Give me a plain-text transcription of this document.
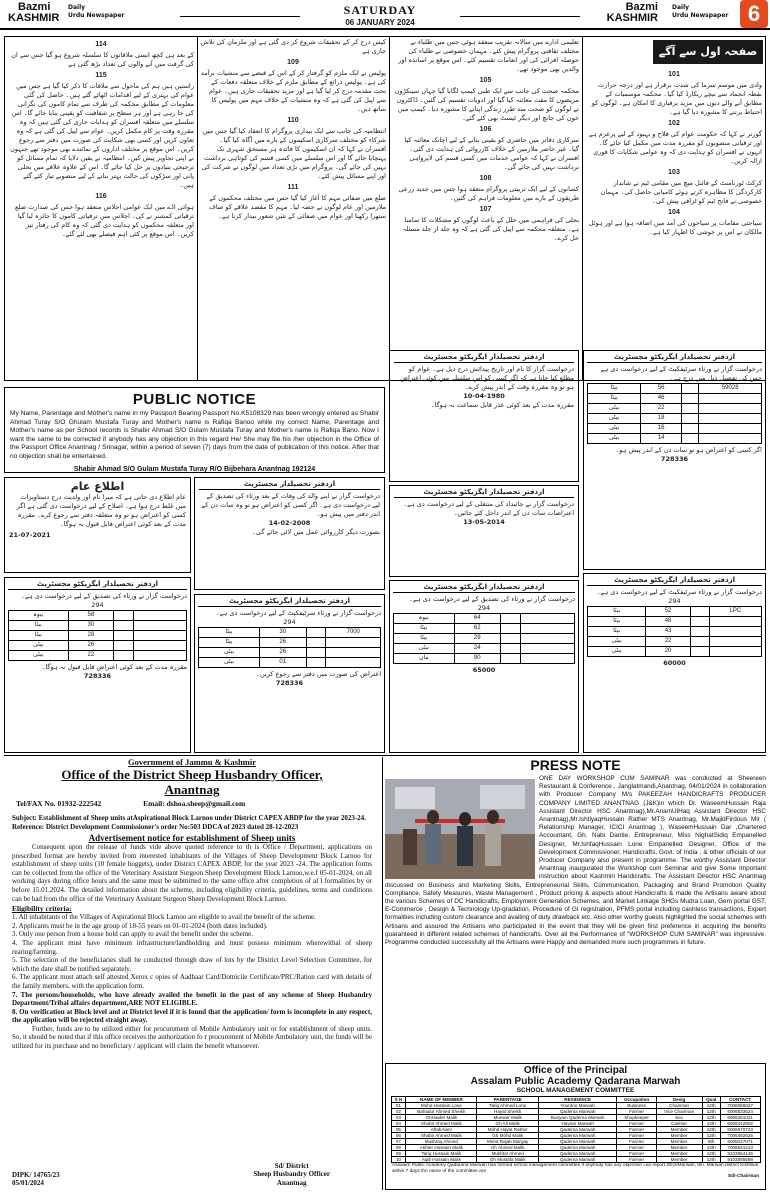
Bazmi
KASHMIR
Daily
Urdu Newspaper	SATURDAY
06 JANUARY 2024
Bazmi
KASHMIR
Daily
Urdu Newspaper 6
114
کے بعد ہی کچھ ایسی ملاقاتوں کا سلسلہ شروع ہو گیا جس سے ان کی گرفت میں آنے والوں کی تعداد بڑھ گئی ہے
115
راستیں ہیں ہم کی ماحول سے ملاقات کا ذکر کیا گیا ہے جس میں عوام کی بہتری کے لیے اقدامات اٹھائے گئے ہیں۔ حاصل کی گئی معلومات کے مطابق محکمہ کی طرف سے تمام کاموں کی نگرانی کی جا رہی ہے اور ہر سطح پر شفافیت کو یقینی بنایا جائے گا۔ اس سلسلے میں متعلقہ افسران کو ہدایات جاری کی گئی ہیں کہ وہ مقررہ وقت پر کام مکمل کریں۔ عوام سے اپیل کی گئی ہے کہ وہ تعاون کریں اور کسی بھی شکایت کی صورت میں دفتر سے رجوع کریں۔ اس موقع پر مختلف اداروں کے نمائندے بھی موجود تھے جنہوں نے اپنی تجاویز پیش کیں۔ انتظامیہ نے یقین دلایا کہ تمام مسائل کو ترجیحی بنیادوں پر حل کیا جائے گا۔ اس کے علاوہ علاقے میں بجلی پانی اور سڑکوں کی حالت بہتر بنانے کے لیے منصوبے تیار کئے گئے ہیں۔
116
ہوائی اڈے میں ایک عوامی اجلاس منعقد ہوا جس کی صدارت ضلع ترقیاتی کمشنر نے کی۔ اجلاس میں ترقیاتی کاموں کا جائزہ لیا گیا اور متعلقہ محکموں کو ہدایت دی گئی کہ وہ کام کی رفتار تیز کریں۔ اس موقع پر کئی اہم فیصلے بھی لئے گئے۔
کیس درج کر کے تحقیقات شروع کر دی گئی ہے اور ملزمان کی تلاش جاری ہے
109
پولیس نے ایک ملزم کو گرفتار کر کے اس کے قبضے سے منشیات برآمد کی ہے۔ پولیس ذرائع کے مطابق ملزم کے خلاف متعلقہ دفعات کے تحت مقدمہ درج کر لیا گیا ہے اور مزید تحقیقات جاری ہیں۔ عوام سے اپیل کی گئی ہے کہ وہ منشیات کے خلاف مہم میں پولیس کا ساتھ دیں۔
110
انتظامیہ کی جانب سے ایک بیداری پروگرام کا انعقاد کیا گیا جس میں شرکاء کو مختلف سرکاری اسکیموں کے بارے میں آگاہ کیا گیا۔ افسران نے کہا کہ ان اسکیموں کا فائدہ ہر مستحق شہری تک پہنچایا جائے گا اور اس سلسلے میں کسی قسم کی کوتاہی برداشت نہیں کی جائے گی۔ پروگرام میں بڑی تعداد میں لوگوں نے شرکت کی اور اپنے مسائل پیش کئے۔
111
ضلع میں صفائی مہم کا آغاز کیا گیا جس میں مختلف محکموں کے ملازمین اور عام لوگوں نے حصہ لیا۔ مہم کا مقصد علاقے کو صاف ستھرا رکھنا اور عوام میں صفائی کے تئیں شعور بیدار کرنا ہے۔
تعلیمی ادارے میں سالانہ تقریب منعقد ہوئی جس میں طلباء نے مختلف ثقافتی پروگرام پیش کئے۔ مہمان خصوصی نے طلباء کی حوصلہ افزائی کی اور انعامات تقسیم کئے۔ اس موقع پر اساتذہ اور والدین بھی موجود تھے۔
105
محکمہ صحت کی جانب سے ایک طبی کیمپ لگایا گیا جہاں سینکڑوں مریضوں کا مفت معائنہ کیا گیا اور ادویات تقسیم کی گئیں۔ ڈاکٹروں نے لوگوں کو صحت مند طرز زندگی اپنانے کا مشورہ دیا۔ کیمپ میں خون کی جانچ اور دیگر ٹیسٹ بھی کئے گئے۔
106
سرکاری دفاتر میں حاضری کو یقینی بنانے کے لیے اچانک معائنہ کیا گیا۔ غیر حاضر ملازمین کے خلاف کارروائی کی ہدایت دی گئی۔ افسران نے کہا کہ عوامی خدمات میں کسی قسم کی لاپرواہی برداشت نہیں کی جائے گی۔
108
کسانوں کے لیے ایک تربیتی پروگرام منعقد ہوا جس میں جدید زرعی طریقوں کے بارے میں معلومات فراہم کی گئیں۔
107
بجلی کی فراہمی میں خلل کے باعث لوگوں کو مشکلات کا سامنا ہے۔ متعلقہ محکمہ سے اپیل کی گئی ہے کہ وہ جلد از جلد مسئلہ حل کرے۔
صفحہ اول سے آگے
101
وادی میں موسم سرما کی شدت برقرار ہے اور درجہ حرارت نقطہ انجماد سے نیچے ریکارڈ کیا گیا۔ محکمہ موسمیات کے مطابق آنے والے دنوں میں مزید برفباری کا امکان ہے۔ لوگوں کو احتیاط برتنے کا مشورہ دیا گیا ہے۔
102
گورنر نے کہا کہ حکومت عوام کی فلاح و بہبود کے لیے پرعزم ہے اور ترقیاتی منصوبوں کو مقررہ مدت میں مکمل کیا جائے گا۔ انہوں نے افسران کو ہدایت دی کہ وہ عوامی شکایات کا فوری ازالہ کریں۔
103
کرکٹ ٹورنامنٹ کے فائنل میچ میں مقامی ٹیم نے شاندار کارکردگی کا مظاہرہ کرتے ہوئے کامیابی حاصل کی۔ مہمان خصوصی نے فاتح ٹیم کو ٹرافی پیش کی۔
104
سیاحتی مقامات پر سیاحوں کی آمد میں اضافہ ہوا ہے اور ہوٹل مالکان نے اس پر خوشی کا اظہار کیا ہے۔
PUBLIC NOTICE
My Name, Parentage and Mother's name in my Passport Bearing Passport No.K5108329 has been wrongly entered as Shabir Ahmad Turay S/O Ghulam Mustafa Turay and Mother's name is Rafiqa Banoo while my correct Name, Parentage and Mother's name as per School records is Shabir Ahmad S/O Gulam Mustafa Turay and Mother's name is Rafiqa Bano. Now I want the same to be corrected if anybody has any objection in this regard He/ She may file his /her objection in the Office of the Passport Office Anantnag / Srinagar, within a period of seven (7) days from the date of publication of this notice. After that no objection shall be entertained.
Shabir Ahmad S/O Gulam Mustafa Turay R/O Bijbehara Anantnag 192124
اطلاع عام
عام اطلاع دی جاتی ہے کہ میرا نام اور ولدیت درج دستاویزات میں غلط درج ہوا ہے۔ اصلاح کے لیے درخواست دی گئی ہے اگر کسی کو اعتراض ہو تو وہ متعلقہ دفتر سے رجوع کرے۔ مقررہ مدت کے بعد کوئی اعتراض قابل قبول نہ ہوگا۔
21-07-2021
ازدفتر تحصیلدار مجسٹریٹ
درخواست گزار نے اپنے والد کی وفات کے بعد ورثاء کی تصدیق کے لیے درخواست دی ہے۔ اگر کسی کو اعتراض ہو تو وہ سات دن کے اندر دفتر میں پیش ہو۔
14-02-2008
بصورت دیگر کارروائی عمل میں لائی جائے گی۔
ازدفتر تحصیلدار ایگزیکٹو مجسٹریٹ
درخواست گزار کا نام اور تاریخ پیدائش درج ذیل ہے۔ عوام کو مطلع کیا جاتا ہے کہ اگر کسی کو اس سلسلے میں کوئی اعتراض ہو تو وہ مقررہ وقت کے اندر پیش کرے۔
10-04-1980
مقررہ مدت کے بعد کوئی عذر قابل سماعت نہ ہوگا۔
ازدفتر تحصیلدار ایگزیکٹو مجسٹریٹ
درخواست گزار نے جائیداد کی منتقلی کے لیے درخواست دی ہے۔ اعتراضات سات دن کے اندر داخل کئے جائیں۔
13-05-2014
ازدفتر تحصیلدار ایگزیکٹو مجسٹریٹ
درخواست گزار نے ورثاء سرٹیفکیٹ کے لیے درخواست دی ہے جس کی تفصیل ذیل میں درج ہے۔
59028		56	بیٹا
		46	بیٹا
		22	بیٹی
		18	بیٹی
		16	بیٹی
		14	بیٹی
اگر کسی کو اعتراض ہو تو سات دن کے اندر پیش ہو۔
728336
ازدفتر تحصیلدار ایگزیکٹو مجسٹریٹ
درخواست گزار نے ورثاء کی تصدیق کے لیے درخواست دی ہے۔
294
		58	بیوہ
		30	بیٹا
		28	بیٹا
		26	بیٹی
		22	بیٹی
مقررہ مدت کے بعد کوئی اعتراض قابل قبول نہ ہوگا۔
728336
ازدفتر تحصیلدار ایگزیکٹو مجسٹریٹ
درخواست گزار نے ورثاء سرٹیفکیٹ کے لیے درخواست دی ہے۔
294
7000		30	بیٹا
		26	بیٹا
		26	بیٹی
		01	بیٹی
اعتراض کی صورت میں دفتر سے رجوع کریں۔
728336
ازدفتر تحصیلدار ایگزیکٹو مجسٹریٹ
درخواست گزار نے ورثاء کی تصدیق کے لیے درخواست دی ہے۔
294
		64	بیوہ
		62	بیٹا
		29	بیٹا
		24	بیٹی
		90	ماں
65000
ازدفتر تحصیلدار ایگزیکٹو مجسٹریٹ
درخواست گزار نے ورثاء سرٹیفکیٹ کے لیے درخواست دی ہے۔
294
LPC		52	بیٹا
		48	بیٹا
		43	بیٹا
		22	بیٹی
		20	بیٹی
60000
Government of Jammu & Kashmir
Office of the District Sheep Husbandry Officer,
Anantnag
Tel/FAX No. 01932-222542	Email: dshoa.sheep@gmail.com
Subject: Establishment of Sheep units atAspirational Block Larnoo under District CAPEX ABDP for the year 2023-24.
Reference: District Development Commissioner's order No:503 DDCA of 2023 dated 28-12-2023
Advertisement notice for establishment of Sheep units

Consequent upon the release of funds vide above quoted reference to th is Office / Department, applications on prescribed format are hereby invited from interested inhabitants of the Villages of Sheep Development Block Larnoo for establishment of sheep units (10 female hoggets), under District CAPEX ABDP, for the year 2023 -24. The application forms can be collected from the office of the Veterinary Assistant Surgeon Sheep Development Block Larnoo,w.e.f 05-01-2024, on all working days during office hours and the same must be submitted to the same office after completion of al l formalities by or before 15.01.2024. The detailed information about the scheme, including eligibility criteria, guidelines, terms and conditions can be had from the office of the Veterinary Assistant Surgeon Sheep Development Block Larnoo.

Eligibility criteria:

1. All inhabitants of the Villages of Aspirational Block Larnoo are eligible to avail the benefit of the scheme.

2. Applicants must be in the age group of 18-55 years on 01-01-2024 (both dates included).

3. Only one person from a house hold can apply to avail the benefit under the scheme.

4. The applicant must have minimum infrastructure/landholding and must possess minimum wherewithal of sheep rearing/farming.

5. The selection of the beneficiaries shall be conducted through draw of lots by the District Level Selection Committee, for which the date shall be notified separately.

6. The applicant must attach self attested Xerox c opies of Aadhaar Card/Domicile Certificate/PRC/Ration card with details of the family members, with the application form.

7. The persons/households, who have already availed the benefit in the past of any scheme of Sheep Husbandry Department/Tribal affairs department,ARE NOT ELIGIBLE.

8. On verification at Block level and at District level if it is found that the application/ form is incomplete in any respect, the application will be rejected straight away.

Further, funds are to be utilized either for procurement of Mobile Ambulatory unit or for establishment of sheep units. So, it should be noted that if this office receives the authorization fo r procurement of Mobile Ambulatory unit, the funds will be utilized for its purchase and no beneficiary / applicant will claim the benefit whatsoever.

DIPK/ 14765/23
05/01/2024
Sd/ District
Sheep Husbandry Officer
Anantnag
PRESS NOTE
ONE DAY WORKSHOP CUM SAMINAR was conducted at Sheereen Restaurant & Conference , Janglatmandi,Anantnag, 04/01/2024 in collaboration with Producer Company M/s PAKEEZAH HANDICRAFTS PRODUCER COMPANY LIMITED ANANTNAG (J&K)in which Dr. WaseemHussain Raja Assistant Director HSC Anantnag),Mr.AnamUlHaq Assistant Director HSC Anantnag),Mr.IshtiyaqHussain Rather MTS Anantnag, Mr.MajidFirdous Mir ( Relationship Manager, ICICI Anantnag ), WaseemHussain Dar ,Chartered Accountant, Gh. Nabi Dantie, Entrepreneur, Miss NighatSidiq Empanelled Designer, Mr.IshfaqHussain Lone Empanelled Designer, Office of the Development Commissioner, Handicrafts, Govt. of India , & other officials of our Producer Company also present in programme. The worthy Assistant Director Anantnag inaugurated the Workshop cum Seminar and give Some Important instruction about Kashmiri Handicrafts. The Assistant Director HSC Anantnag discussed on Business and Marketing Skills, Entrepreneurial Skills, Communication, Packaging and Brand Promotion Quality Compliance, Safety Measures, Waste Management , Product pricing & aspects about Handicrafts & made the Artisans aware about the various Schemes of DC Handicrafts, Employment Generation Schemes, and Market Linkage SHGs Mudra Loan, Gem portal GST, E-Commerce , Design & Technology Up-gradation, Procedure of GI registration, PFMS portal including cashless transactions, Expert formalities including custom clearance and availing of duty drawback etc. Also other worthy guests highlighted the social schemes with Artisans and assured the Artisans who participated in the event that they will be given first preference in acquiring the benefits guaranteed in different related schemes of handicrafts. Over all the Performance of "WORKSHOP CUM SAMINAR" was impressive. Programme conducted successfully all the Artisans were Happy and demanded more such programmes in future.
Office of the Principal
Assalam Public Academy Qadarana Marwah
SCHOOL MANAGEMENT COMMITTEE
S N	NAME OF MEMBER	PARENTAGE	RESIDENCE	Occupation	Desig	Qual	CONTACT
01	Mohd Hussain Lone	Tariq Ahmed Lone	Yourdoo Marwah	Business	Chairman	12th	7006055027
02	Bahadur Ahmed Sheikh	Hayat Sheikh	Qaderna Marwah	Farmer	Vice Chairman	12th	6006533524
03	GhHaider Malik	Munwer Malik	Bunyam Qaderna Marwah	Shopkeeper	Sec	12th	6006251021
04	Shabir Ahmed Malik	Gh Ali Malik	Hayran Marwah	Farmer	Cashier	12th	6006442902
05	AftabAlam	Mohd Hayat Rather	Qaderna Marwah	Farmer	Member	12th	6006670723
06	Shabir Ahmed Malik	Gh Mohd Malik	Qaderna Marwah	Farmer	Member	12th	7006482626
07	Mushtaq Ahmed	Mohd Rajab Margay	Qaderna Marwah	Farmer	Member	8th	6005027071
08	Akhter Hussain Malik	Gh Ahmed Malik	Qaderna Marwah	Farmer	Member	12th	7006641413
09	Tariq Hussain Malik	Mukhtar Ahmed	Qaderna Marwah	Farmer	Member	12th	9103554146
10	Aqib Hussain Malik	Gh Mustafa Malik	Qaderna Marwah	Farmer	Member	12th	9103085588
Assalam Public Academy Qadarana Marwah has formed school management committee if anybody has any objection can report ZEO/Marwah, teh. Marwah district Kishtwar within 7 days the name of the committee are
Sd/-Chairman
